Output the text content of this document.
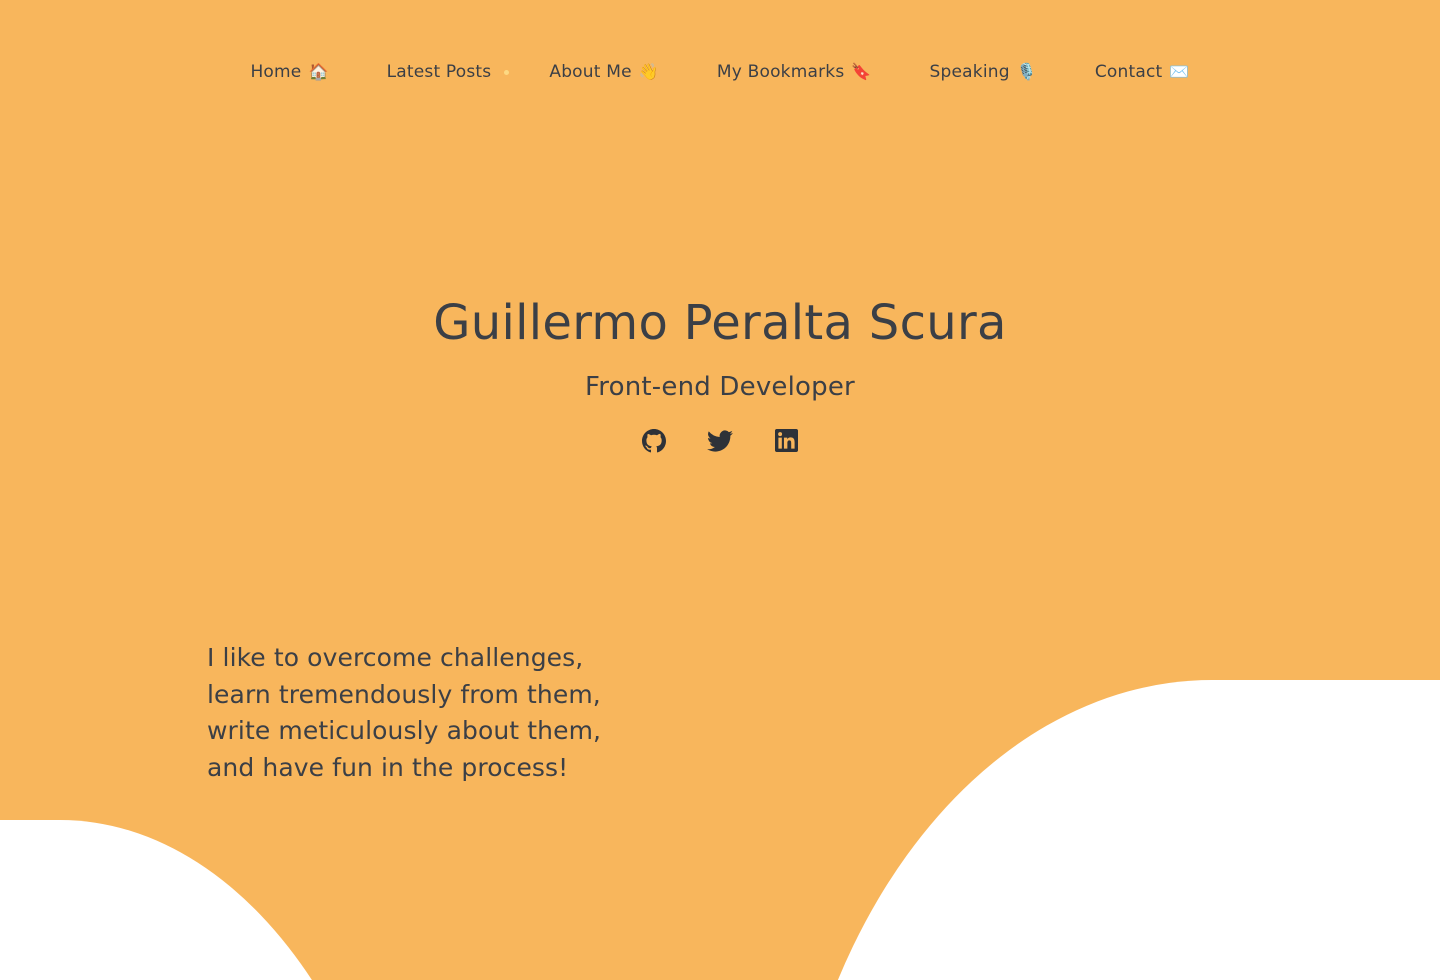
Home 🏠	Latest Posts	About Me 👋	My Bookmarks 🔖	Speaking 🎙️	Contact ✉️
Guillermo Peralta Scura

Front-end Developer

I like to overcome challenges, learn tremendously from them, write meticulously about them, and have fun in the process!
